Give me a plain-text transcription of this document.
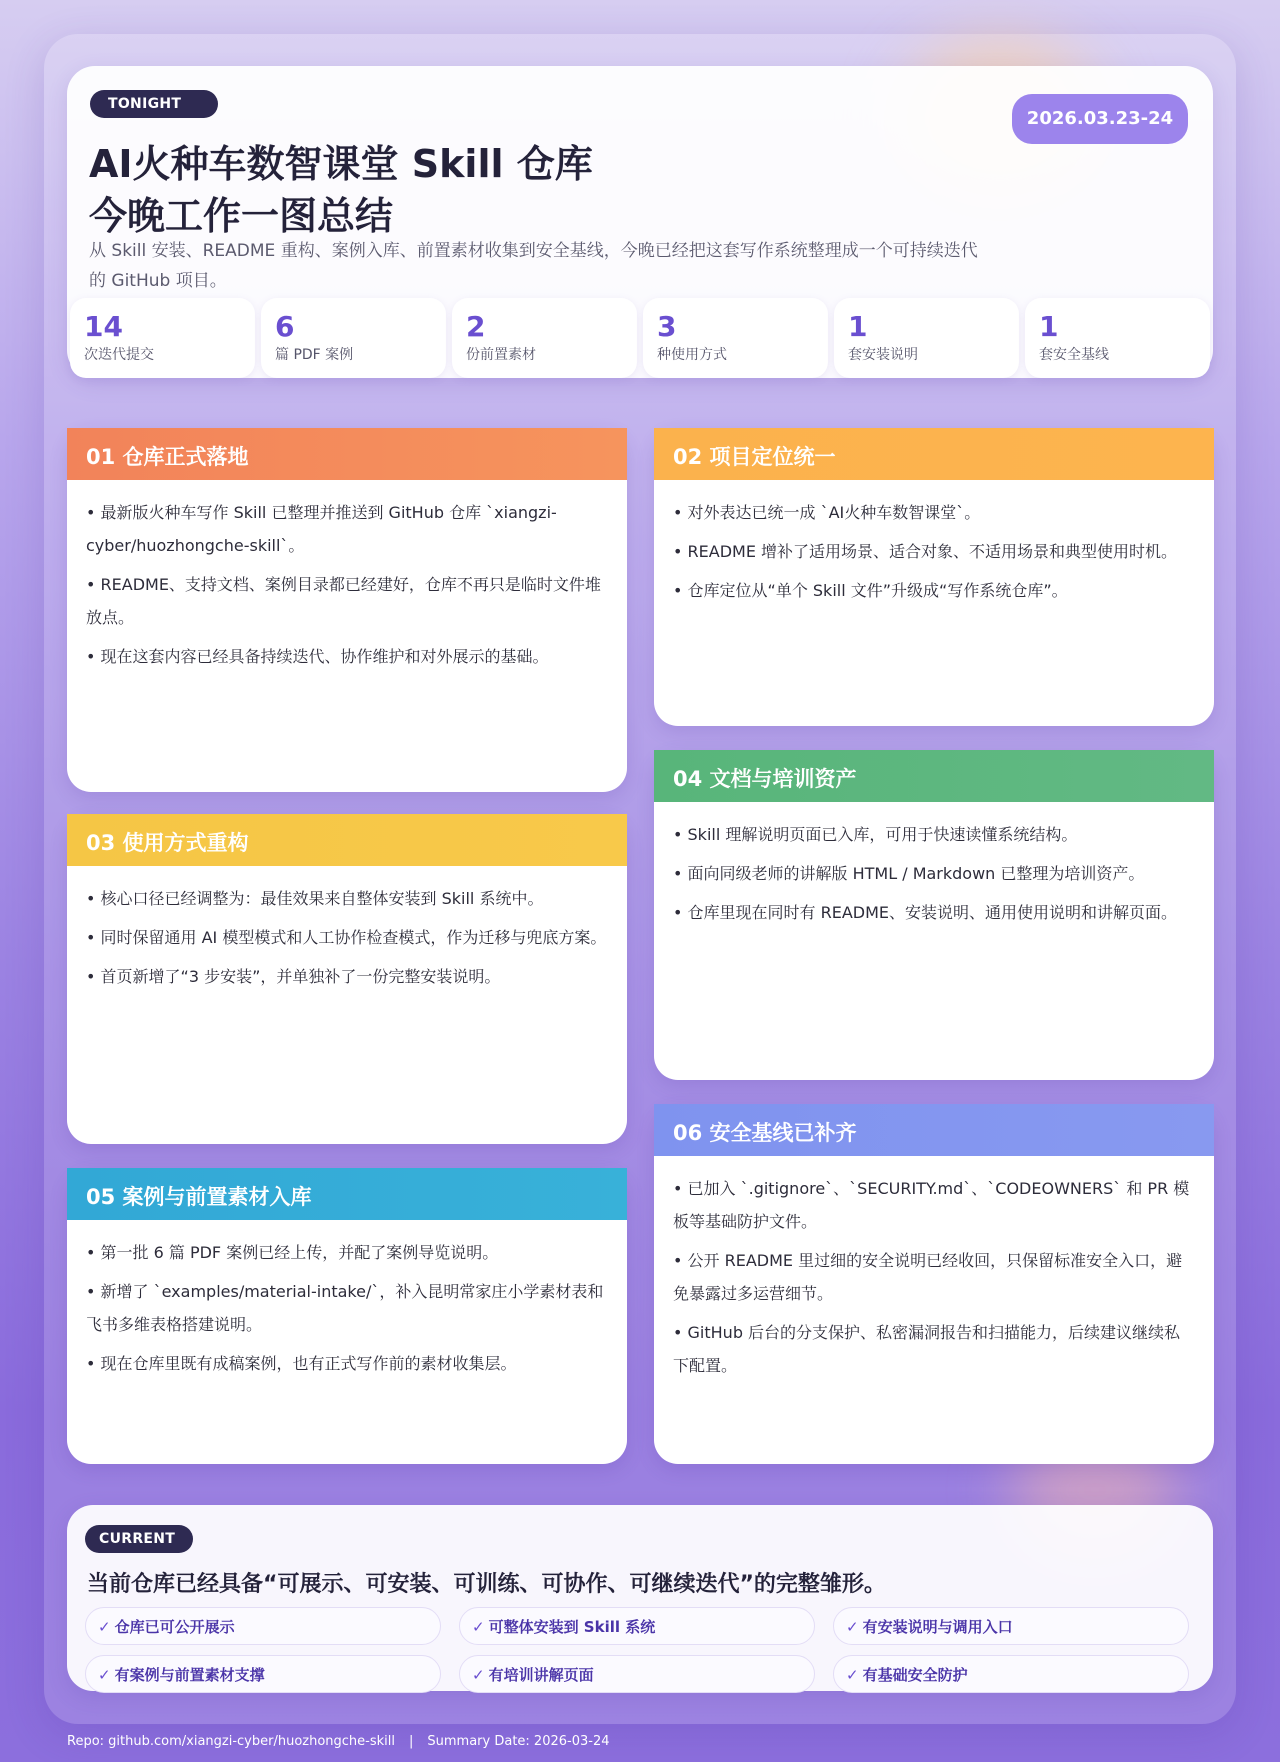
TONIGHT
2026.03.23-24
AI火种车数智课堂 Skill 仓库
今晚工作一图总结
从 Skill 安装、README 重构、案例入库、前置素材收集到安全基线，今晚已经把这套写作系统整理成一个可持续迭代的 GitHub 项目。
14
次迭代提交
6
篇 PDF 案例
2
份前置素材
3
种使用方式
1
套安装说明
1
套安全基线
01 仓库正式落地

• 最新版火种车写作 Skill 已整理并推送到 GitHub 仓库 `xiangzi-cyber/huozhongche-skill`。

• README、支持文档、案例目录都已经建好，仓库不再只是临时文件堆放点。

• 现在这套内容已经具备持续迭代、协作维护和对外展示的基础。

02 项目定位统一

• 对外表达已统一成 `AI火种车数智课堂`。

• README 增补了适用场景、适合对象、不适用场景和典型使用时机。

• 仓库定位从“单个 Skill 文件”升级成“写作系统仓库”。

03 使用方式重构

• 核心口径已经调整为：最佳效果来自整体安装到 Skill 系统中。

• 同时保留通用 AI 模型模式和人工协作检查模式，作为迁移与兜底方案。

• 首页新增了“3 步安装”，并单独补了一份完整安装说明。

04 文档与培训资产

• Skill 理解说明页面已入库，可用于快速读懂系统结构。

• 面向同级老师的讲解版 HTML / Markdown 已整理为培训资产。

• 仓库里现在同时有 README、安装说明、通用使用说明和讲解页面。

05 案例与前置素材入库

• 第一批 6 篇 PDF 案例已经上传，并配了案例导览说明。

• 新增了 `examples/material-intake/`，补入昆明常家庄小学素材表和飞书多维表格搭建说明。

• 现在仓库里既有成稿案例，也有正式写作前的素材收集层。

06 安全基线已补齐

• 已加入 `.gitignore`、`SECURITY.md`、`CODEOWNERS` 和 PR 模板等基础防护文件。

• 公开 README 里过细的安全说明已经收回，只保留标准安全入口，避免暴露过多运营细节。

• GitHub 后台的分支保护、私密漏洞报告和扫描能力，后续建议继续私下配置。

CURRENT
当前仓库已经具备“可展示、可安装、可训练、可协作、可继续迭代”的完整雏形。
✓ 仓库已可公开展示	✓ 可整体安装到 Skill 系统	✓ 有安装说明与调用入口
✓ 有案例与前置素材支撑	✓ 有培训讲解页面	✓ 有基础安全防护
Repo: github.com/xiangzi-cyber/huozhongche-skill | Summary Date: 2026-03-24
